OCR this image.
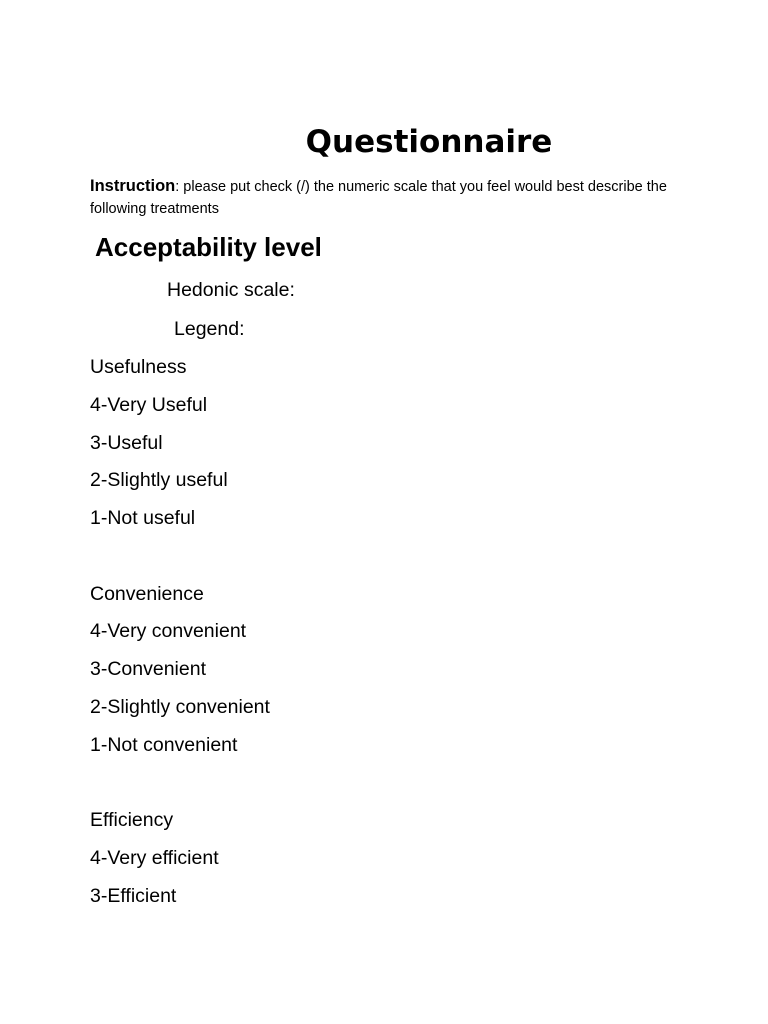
Questionnaire
Instruction: please put check (/) the numeric scale that you feel would best describe the following treatments
Acceptability level
Hedonic scale:
Legend:
Usefulness
4-Very Useful
3-Useful
2-Slightly useful
1-Not useful
Convenience
4-Very convenient
3-Convenient
2-Slightly convenient
1-Not convenient
Efficiency
4-Very efficient
3-Efficient
